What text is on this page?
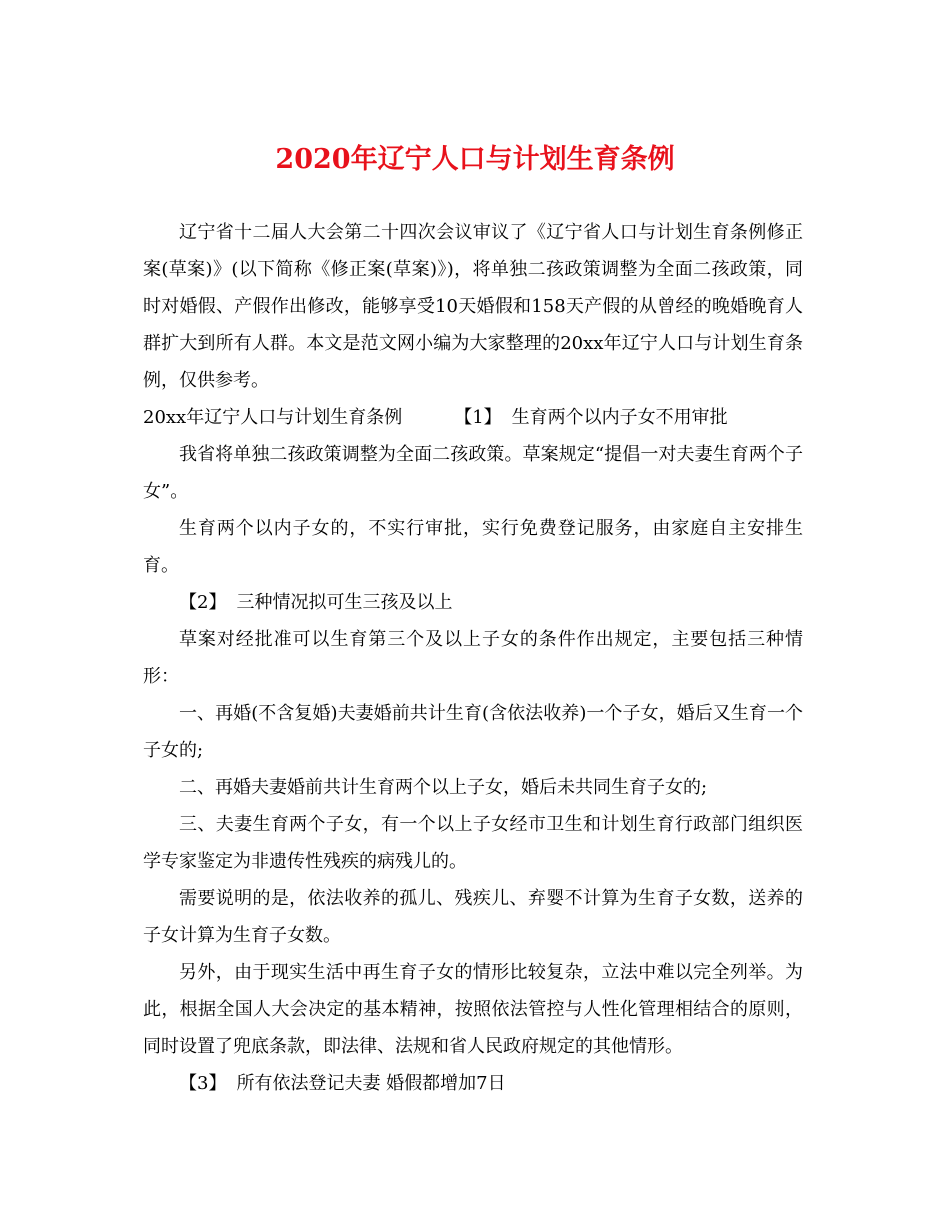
2020年辽宁人口与计划生育条例

辽宁省十二届人大会第二十四次会议审议了《辽宁省人口与计划生育条例修正案(草案)》(以下简称《修正案(草案)》)，将单独二孩政策调整为全面二孩政策，同时对婚假、产假作出修改，能够享受10天婚假和158天产假的从曾经的晚婚晚育人群扩大到所有人群。本文是范文网小编为大家整理的20xx年辽宁人口与计划生育条例，仅供参考。

20xx年辽宁人口与计划生育条例	【1】 生育两个以内子女不用审批

我省将单独二孩政策调整为全面二孩政策。草案规定“提倡一对夫妻生育两个子女”。

生育两个以内子女的，不实行审批，实行免费登记服务，由家庭自主安排生育。

【2】 三种情况拟可生三孩及以上

草案对经批准可以生育第三个及以上子女的条件作出规定，主要包括三种情形：

一、再婚(不含复婚)夫妻婚前共计生育(含依法收养)一个子女，婚后又生育一个子女的;

二、再婚夫妻婚前共计生育两个以上子女，婚后未共同生育子女的;

三、夫妻生育两个子女，有一个以上子女经市卫生和计划生育行政部门组织医学专家鉴定为非遗传性残疾的病残儿的。

需要说明的是，依法收养的孤儿、残疾儿、弃婴不计算为生育子女数，送养的子女计算为生育子女数。

另外，由于现实生活中再生育子女的情形比较复杂，立法中难以完全列举。为此，根据全国人大会决定的基本精神，按照依法管控与人性化管理相结合的原则，同时设置了兜底条款，即法律、法规和省人民政府规定的其他情形。

【3】 所有依法登记夫妻 婚假都增加7日
